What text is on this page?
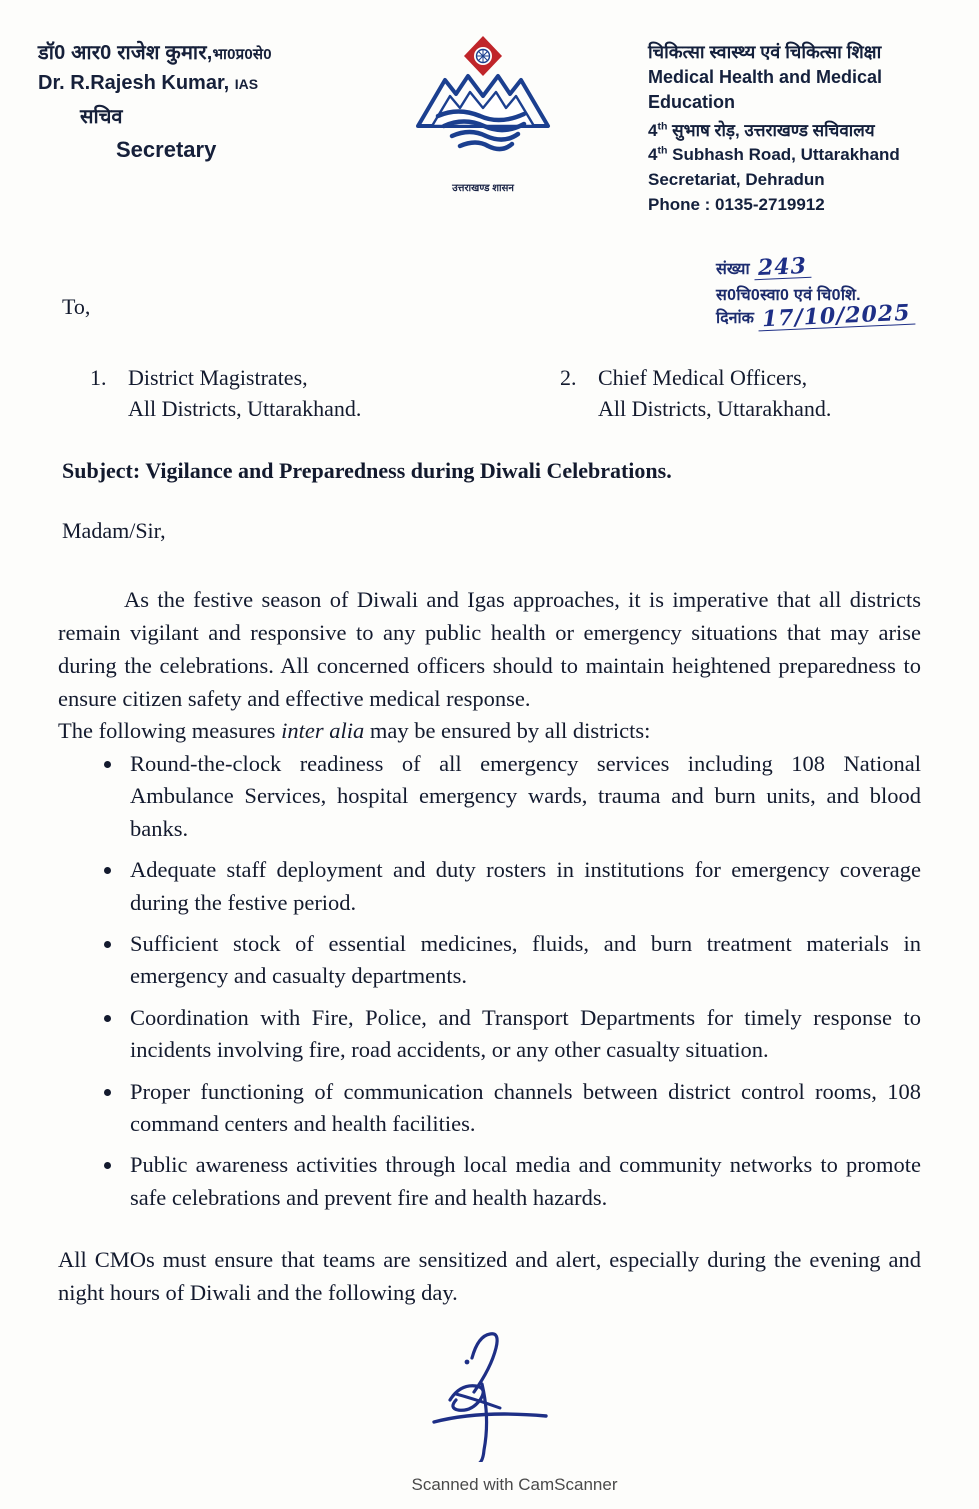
डॉ0 आर0 राजेश कुमार,भा0प्र0से0
Dr. R.Rajesh Kumar, IAS
सचिव
Secretary
उत्तराखण्ड शासन
चिकित्सा स्वास्थ्य एवं चिकित्सा शिक्षा
Medical Health and Medical
Education
4th सुभाष रोड़, उत्तराखण्ड सचिवालय
4th Subhash Road, Uttarakhand
Secretariat, Dehradun
Phone : 0135-2719912
संख्या 243
स0चि0स्वा0 एवं चि0शि.
दिनांक 17/10/2025
To,
1. District Magistrates,
All Districts, Uttarakhand.
2. Chief Medical Officers,
All Districts, Uttarakhand.
Subject: Vigilance and Preparedness during Diwali Celebrations.
Madam/Sir,
As the festive season of Diwali and Igas approaches, it is imperative that all districts remain vigilant and responsive to any public health or emergency situations that may arise during the celebrations. All concerned officers should to maintain heightened preparedness to ensure citizen safety and effective medical response.
The following measures inter alia may be ensured by all districts:
• Round-the-clock readiness of all emergency services including 108 National Ambulance Services, hospital emergency wards, trauma and burn units, and blood banks.
• Adequate staff deployment and duty rosters in institutions for emergency coverage during the festive period.
• Sufficient stock of essential medicines, fluids, and burn treatment materials in emergency and casualty departments.
• Coordination with Fire, Police, and Transport Departments for timely response to incidents involving fire, road accidents, or any other casualty situation.
• Proper functioning of communication channels between district control rooms, 108 command centers and health facilities.
• Public awareness activities through local media and community networks to promote safe celebrations and prevent fire and health hazards.
All CMOs must ensure that teams are sensitized and alert, especially during the evening and night hours of Diwali and the following day.
Scanned with CamScanner
